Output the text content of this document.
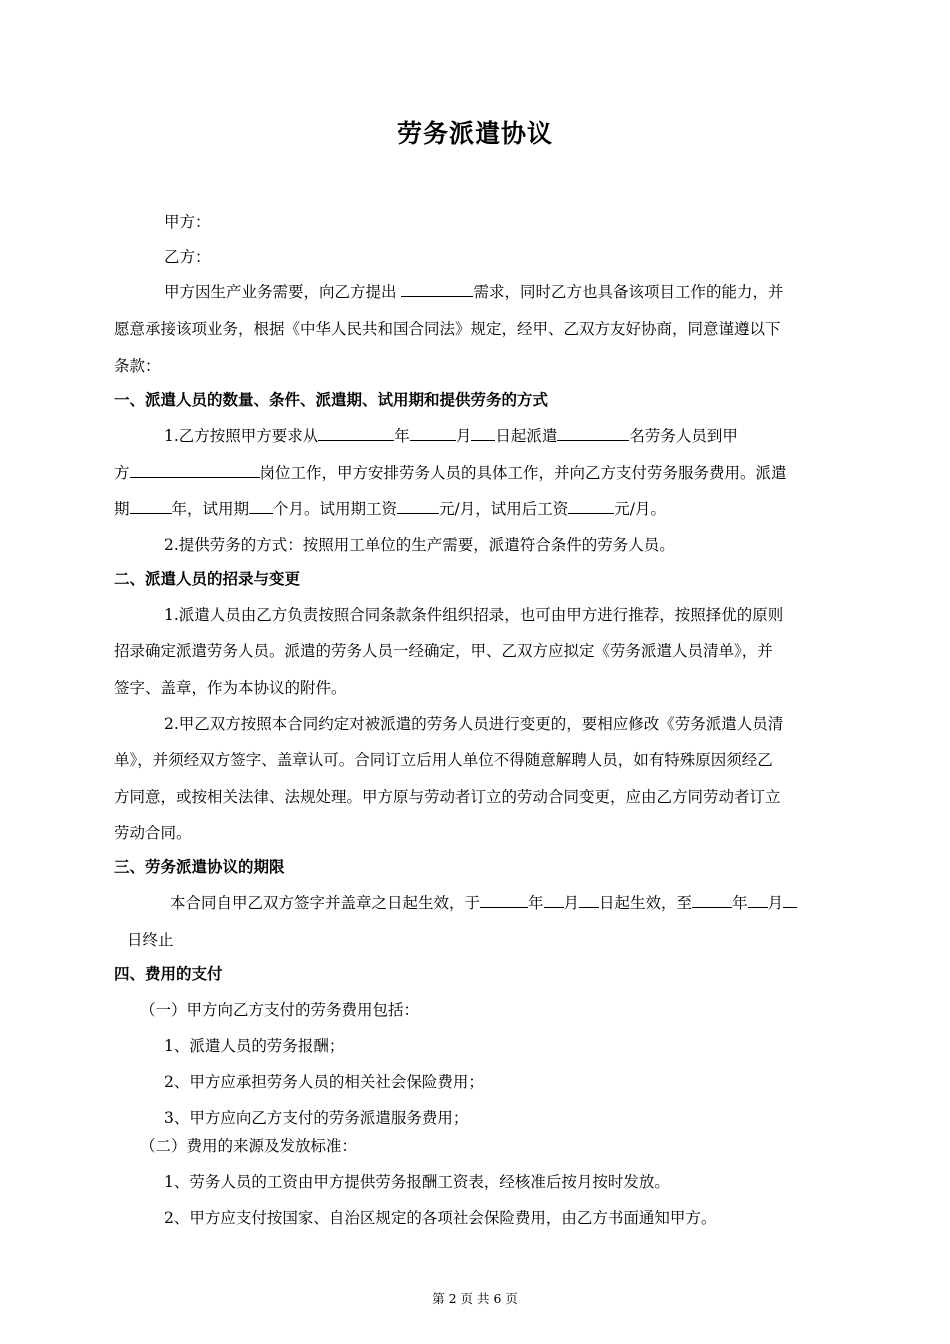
劳务派遣协议
甲方：
乙方：
甲方因生产业务需要，向乙方提出	需求，同时乙方也具备该项目工作的能力，并
愿意承接该项业务，根据《中华人民共和国合同法》规定，经甲、乙双方友好协商，同意谨遵以下
条款：
一、派遣人员的数量、条件、派遣期、试用期和提供劳务的方式
1.乙方按照甲方要求从	年	月 日起派遣	名劳务人员到甲
方	岗位工作，甲方安排劳务人员的具体工作，并向乙方支付劳务服务费用。派遣
期	年，试用期 个月。试用期工资	元/月，试用后工资	元/月。
2.提供劳务的方式：按照用工单位的生产需要，派遣符合条件的劳务人员。
二、派遣人员的招录与变更
1.派遣人员由乙方负责按照合同条款条件组织招录，也可由甲方进行推荐，按照择优的原则
招录确定派遣劳务人员。派遣的劳务人员一经确定，甲、乙双方应拟定《劳务派遣人员清单》，并
签字、盖章，作为本协议的附件。
2.甲乙双方按照本合同约定对被派遣的劳务人员进行变更的，要相应修改《劳务派遣人员清
单》，并须经双方签字、盖章认可。合同订立后用人单位不得随意解聘人员，如有特殊原因须经乙
方同意，或按相关法律、法规处理。甲方原与劳动者订立的劳动合同变更，应由乙方同劳动者订立
劳动合同。
三、劳务派遣协议的期限
本合同自甲乙双方签字并盖章之日起生效，于	年 月 日起生效，至	年 月
日终止
四、费用的支付
（一）甲方向乙方支付的劳务费用包括：
1、派遣人员的劳务报酬；
2、甲方应承担劳务人员的相关社会保险费用；
3、甲方应向乙方支付的劳务派遣服务费用；
（二）费用的来源及发放标准：
1、劳务人员的工资由甲方提供劳务报酬工资表，经核准后按月按时发放。
2、甲方应支付按国家、自治区规定的各项社会保险费用，由乙方书面通知甲方。
第 2 页 共 6 页
